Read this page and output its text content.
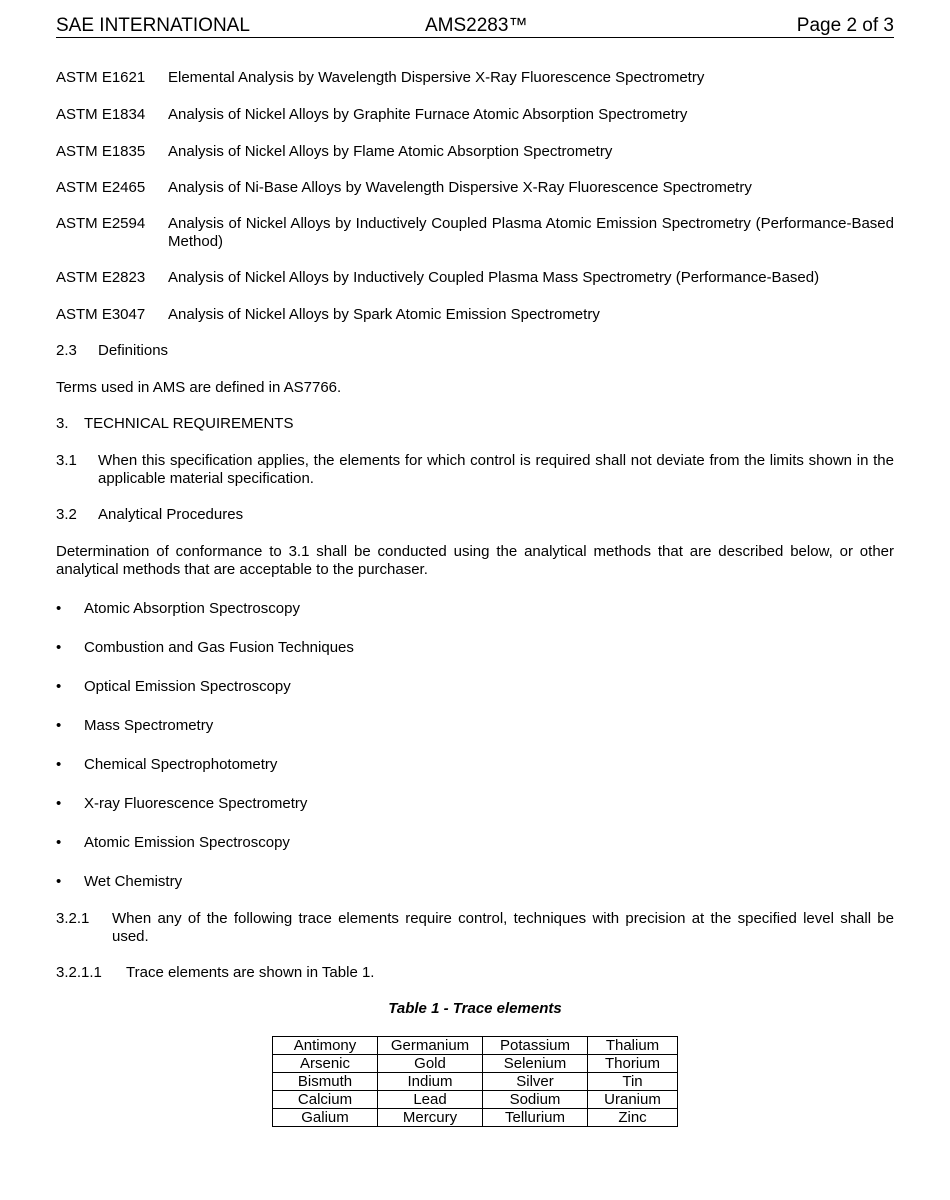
SAE INTERNATIONAL	AMS2283™	Page 2 of 3
ASTM E1621 Elemental Analysis by Wavelength Dispersive X-Ray Fluorescence Spectrometry
ASTM E1834 Analysis of Nickel Alloys by Graphite Furnace Atomic Absorption Spectrometry
ASTM E1835 Analysis of Nickel Alloys by Flame Atomic Absorption Spectrometry
ASTM E2465 Analysis of Ni-Base Alloys by Wavelength Dispersive X-Ray Fluorescence Spectrometry
ASTM E2594 Analysis of Nickel Alloys by Inductively Coupled Plasma Atomic Emission Spectrometry (Performance-Based Method)
ASTM E2823 Analysis of Nickel Alloys by Inductively Coupled Plasma Mass Spectrometry (Performance-Based)
ASTM E3047 Analysis of Nickel Alloys by Spark Atomic Emission Spectrometry
2.3 Definitions
Terms used in AMS are defined in AS7766.
3. TECHNICAL REQUIREMENTS
3.1 When this specification applies, the elements for which control is required shall not deviate from the limits shown in the applicable material specification.
3.2 Analytical Procedures
Determination of conformance to 3.1 shall be conducted using the analytical methods that are described below, or other analytical methods that are acceptable to the purchaser.
• Atomic Absorption Spectroscopy
• Combustion and Gas Fusion Techniques
• Optical Emission Spectroscopy
• Mass Spectrometry
• Chemical Spectrophotometry
• X-ray Fluorescence Spectrometry
• Atomic Emission Spectroscopy
• Wet Chemistry
3.2.1 When any of the following trace elements require control, techniques with precision at the specified level shall be used.
3.2.1.1 Trace elements are shown in Table 1.
Table 1 - Trace elements
Antimony	Germanium	Potassium	Thalium
Arsenic	Gold	Selenium	Thorium
Bismuth	Indium	Silver	Tin
Calcium	Lead	Sodium	Uranium
Galium	Mercury	Tellurium	Zinc
